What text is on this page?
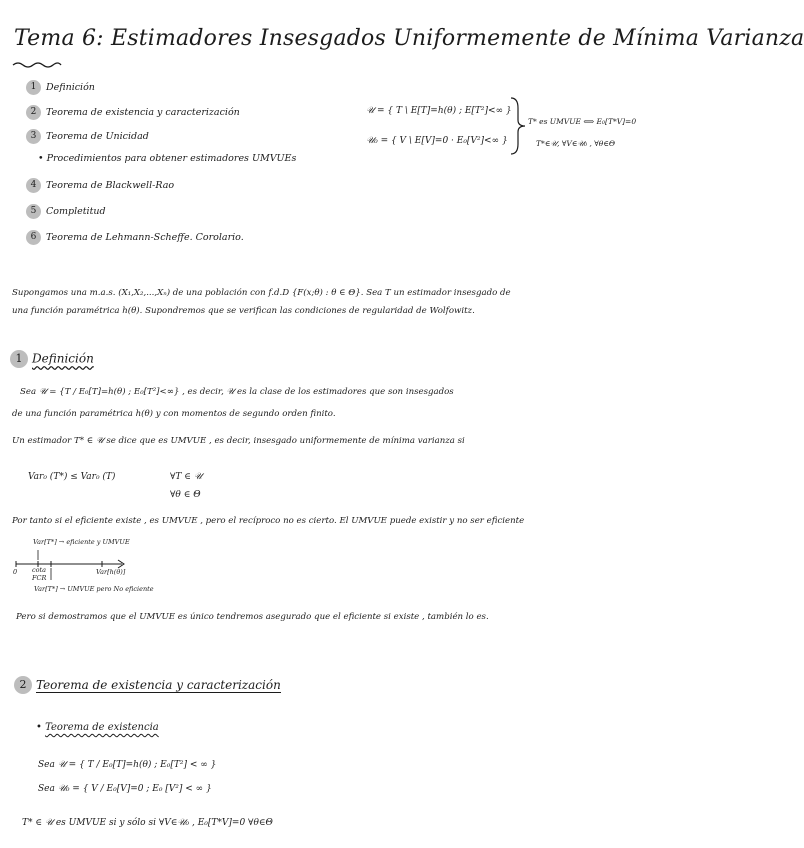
Tema 6: Estimadores Insesgados Uniformemente de Mínima Varianza
1 Definición
2 Teorema de existencia y caracterización
3 Teorema de Unicidad
• Procedimientos para obtener estimadores UMVUEs
4 Teorema de Blackwell-Rao
5 Completitud
6 Teorema de Lehmann-Scheffe. Corolario.
𝒰 = { T \ E[T]=h(θ) ; E[T²]<∞ }
𝒰₀ = { V \ E[V]=0 · E₀[V²]<∞ }
T* es UMVUE ⟺ E₀[T*V]=0
T*∈𝒰, ∀V∈𝒰₀ , ∀θ∈Θ
Supongamos una m.a.s. (X₁,X₂,...,Xₙ) de una población con f.d.D {F(x;θ) : θ ∈ Θ}. Sea T un estimador insesgado de
una función paramétrica h(θ). Supondremos que se verifican las condiciones de regularidad de Wolfowitz.
1 Definición
Sea 𝒰 = {T / E₀[T]=h(θ) ; E₀[T²]<∞} , es decir, 𝒰 es la clase de los estimadores que son insesgados
de una función paramétrica h(θ) y con momentos de segundo orden finito.
Un estimador T* ∈ 𝒰 se dice que es UMVUE , es decir, insesgado uniformemente de mínima varianza si
Var₀ (T*) ≤ Var₀ (T)	∀T ∈ 𝒰
∀θ ∈ Θ
Por tanto si el eficiente existe , es UMVUE , pero el recíproco no es cierto. El UMVUE puede existir y no ser eficiente
Var[T*] → eficiente y UMVUE
0 cota
FCR
Var[h(θ)]
Var[T*] → UMVUE pero No eficiente
Pero si demostramos que el UMVUE es único tendremos asegurado que el eficiente si existe , también lo es.
2 Teorema de existencia y caracterización
• Teorema de existencia
Sea 𝒰 = { T / E₀[T]=h(θ) ; E₀[T²] < ∞ }
Sea 𝒰₀ = { V / E₀[V]=0 ; E₀ [V²] < ∞ }
T* ∈ 𝒰 es UMVUE si y sólo si ∀V∈𝒰₀ , E₀[T*V]=0 ∀θ∈Θ
